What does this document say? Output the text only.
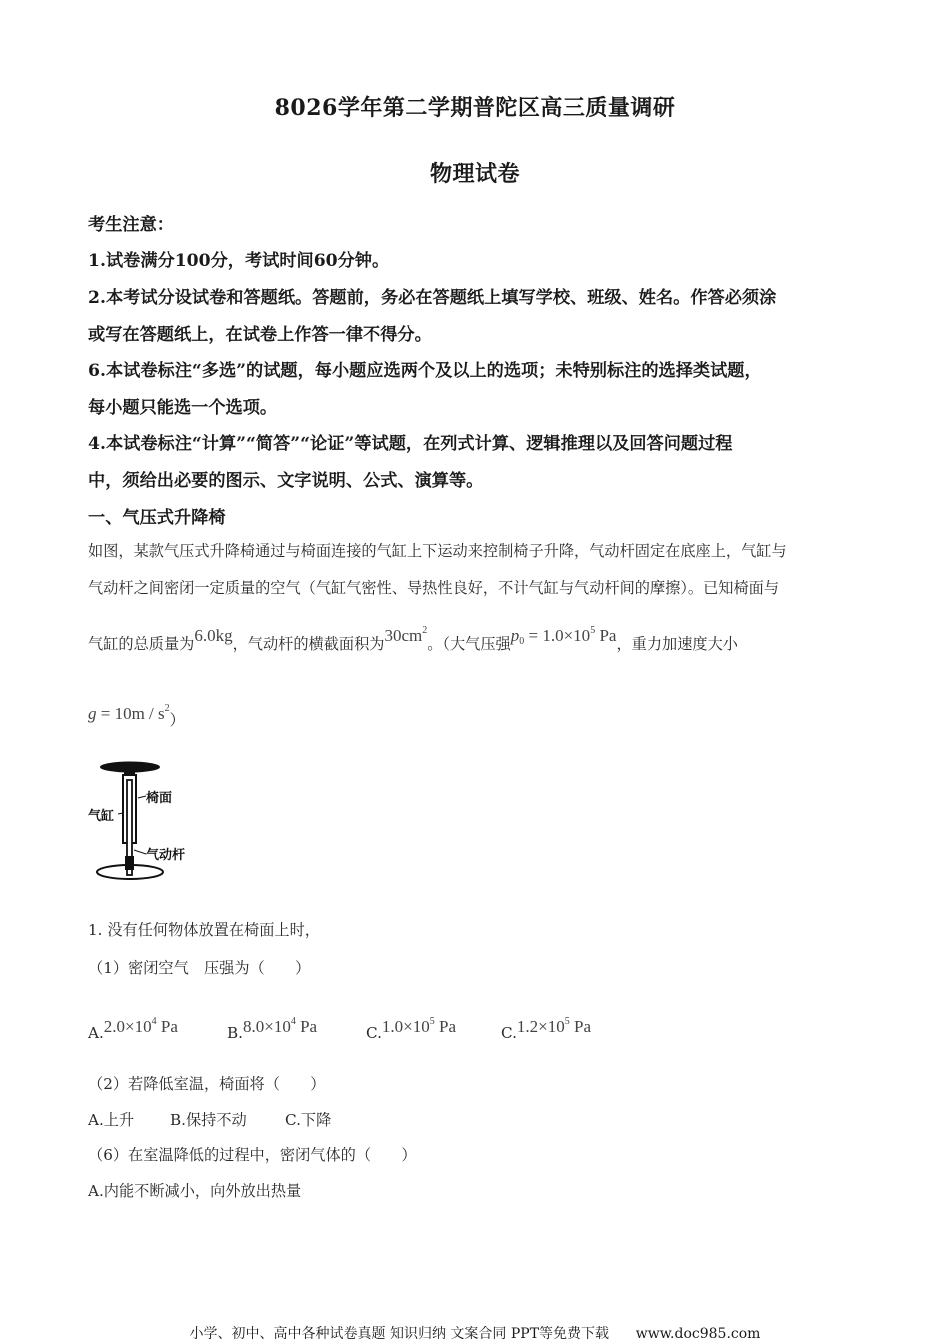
8026学年第二学期普陀区高三质量调研
物理试卷
考生注意：
1.试卷满分100分，考试时间60分钟。
2.本考试分设试卷和答题纸。答题前，务必在答题纸上填写学校、班级、姓名。作答必须涂
或写在答题纸上，在试卷上作答一律不得分。
6.本试卷标注“多选”的试题，每小题应选两个及以上的选项；未特别标注的选择类试题，
每小题只能选一个选项。
4.本试卷标注“计算”“简答”“论证”等试题，在列式计算、逻辑推理以及回答问题过程
中，须给出必要的图示、文字说明、公式、演算等。
一、气压式升降椅
如图，某款气压式升降椅通过与椅面连接的气缸上下运动来控制椅子升降，气动杆固定在底座上，气缸与
气动杆之间密闭一定质量的空气（气缸气密性、导热性良好，不计气缸与气动杆间的摩擦）。已知椅面与
气缸的总质量为6.0kg，气动杆的横截面积为$30cm^2$。（大气压强$p_0 = 1.0\times 10^5$ Pa，重力加速度大小
$g = 10m / s^2$）
椅面
气缸
气动杆
1. 没有任何物体放置在椅面上时，
（1）密闭空气　压强为（　　）
$A.2.0\times 10^4$ Pa	$B.8.0\times 10^4$ Pa	$C.1.0\times 10^5$ Pa	$C.1.2\times 10^5$ Pa
（2）若降低室温，椅面将（　　）
A.上升 B.保持不动	C.下降
（6）在室温降低的过程中，密闭气体的（　　）
A.内能不断减小，向外放出热量
小学、初中、高中各种试卷真题 知识归纳 文案合同 PPT等免费下载 www.doc985.com
